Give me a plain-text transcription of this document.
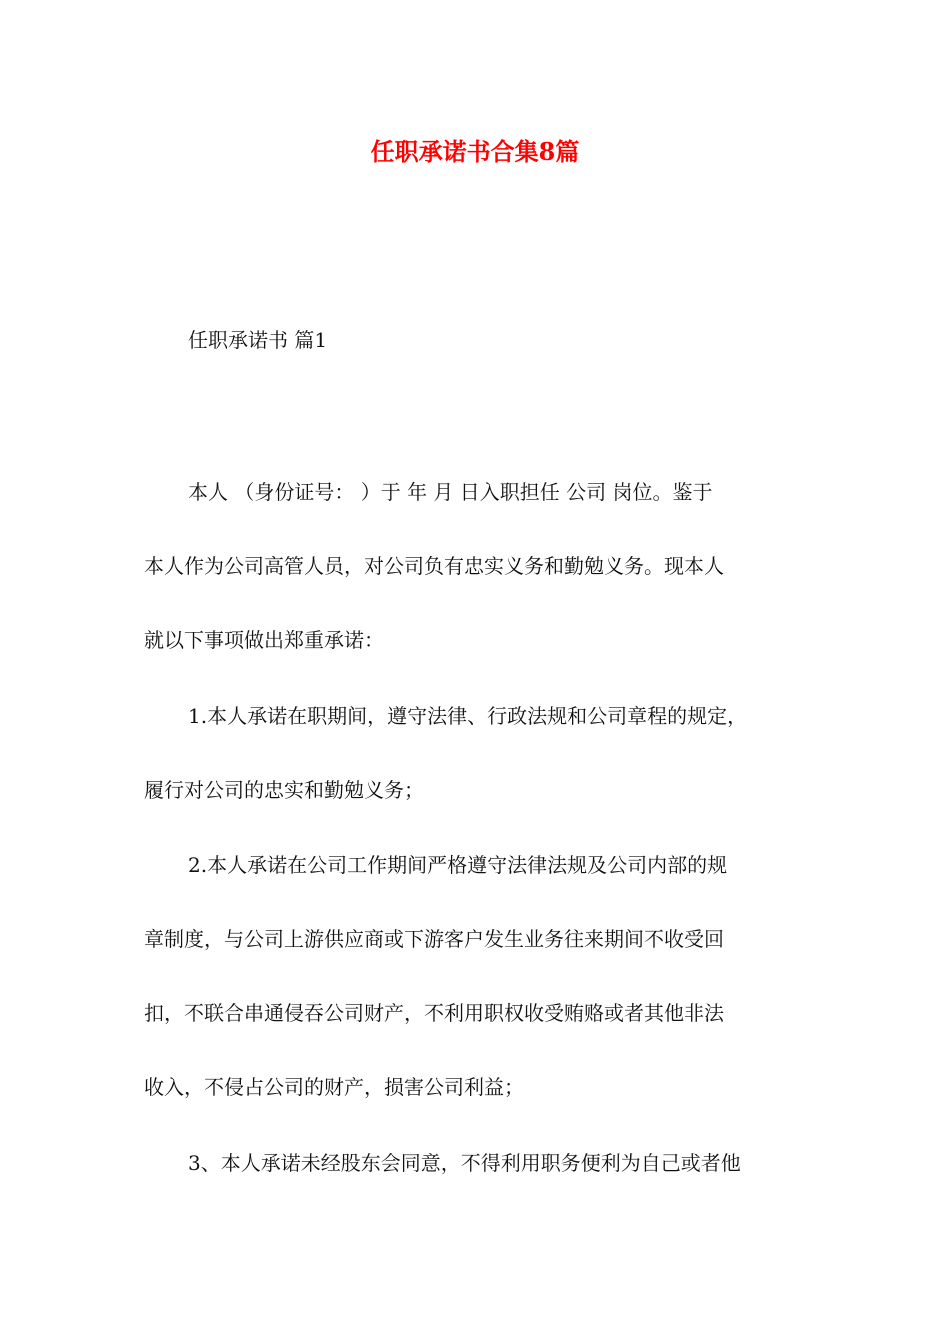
任职承诺书合集8篇
任职承诺书 篇1
本人 （身份证号： ）于 年 月 日入职担任 公司 岗位。鉴于
本人作为公司高管人员，对公司负有忠实义务和勤勉义务。现本人
就以下事项做出郑重承诺：
1.本人承诺在职期间，遵守法律、行政法规和公司章程的规定，
履行对公司的忠实和勤勉义务；
2.本人承诺在公司工作期间严格遵守法律法规及公司内部的规
章制度，与公司上游供应商或下游客户发生业务往来期间不收受回
扣，不联合串通侵吞公司财产，不利用职权收受贿赂或者其他非法
收入，不侵占公司的财产，损害公司利益；
3、本人承诺未经股东会同意，不得利用职务便利为自己或者他
